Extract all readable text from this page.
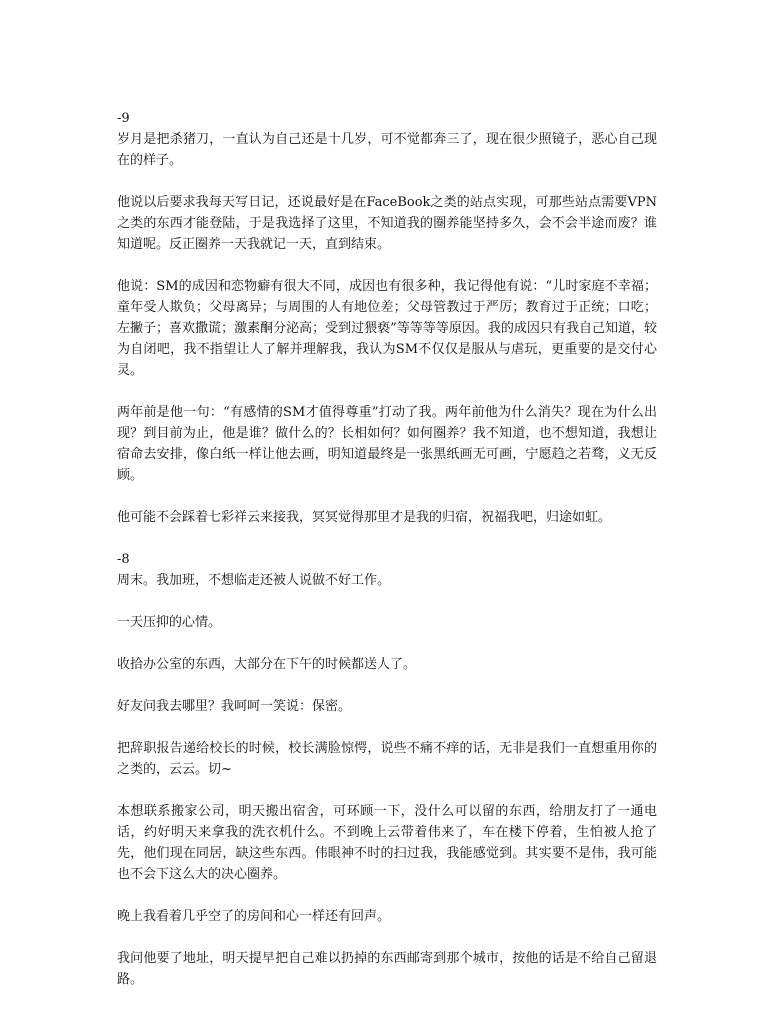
-9

岁月是把杀猪刀，一直认为自己还是十几岁，可不觉都奔三了，现在很少照镜子，恶心自己现在的样子。

他说以后要求我每天写日记，还说最好是在FaceBook之类的站点实现，可那些站点需要VPN之类的东西才能登陆，于是我选择了这里，不知道我的圈养能坚持多久，会不会半途而废？谁知道呢。反正圈养一天我就记一天，直到结束。

他说：SM的成因和恋物癖有很大不同，成因也有很多种，我记得他有说：“儿时家庭不幸福；童年受人欺负；父母离异；与周围的人有地位差；父母管教过于严厉；教育过于正统；口吃；左撇子；喜欢撒谎；激素酮分泌高；受到过猥亵”等等等等原因。我的成因只有我自己知道，较为自闭吧，我不指望让人了解并理解我，我认为SM不仅仅是服从与虐玩，更重要的是交付心灵。

两年前是他一句：“有感情的SM才值得尊重”打动了我。两年前他为什么消失？现在为什么出现？到目前为止，他是谁？做什么的？长相如何？如何圈养？我不知道，也不想知道，我想让宿命去安排，像白纸一样让他去画，明知道最终是一张黑纸画无可画，宁愿趋之若骛，义无反顾。

他可能不会踩着七彩祥云来接我，冥冥觉得那里才是我的归宿，祝福我吧，归途如虹。

-8

周末。我加班，不想临走还被人说做不好工作。

一天压抑的心情。

收拾办公室的东西，大部分在下午的时候都送人了。

好友问我去哪里？我呵呵一笑说：保密。

把辞职报告递给校长的时候，校长满脸惊愕，说些不痛不痒的话，无非是我们一直想重用你的之类的，云云。切~

本想联系搬家公司，明天搬出宿舍，可环顾一下，没什么可以留的东西，给朋友打了一通电话，约好明天来拿我的洗衣机什么。不到晚上云带着伟来了，车在楼下停着，生怕被人抢了先，他们现在同居，缺这些东西。伟眼神不时的扫过我，我能感觉到。其实要不是伟，我可能也不会下这么大的决心圈养。

晚上我看着几乎空了的房间和心一样还有回声。

我问他要了地址，明天提早把自己难以扔掉的东西邮寄到那个城市，按他的话是不给自己留退路。
